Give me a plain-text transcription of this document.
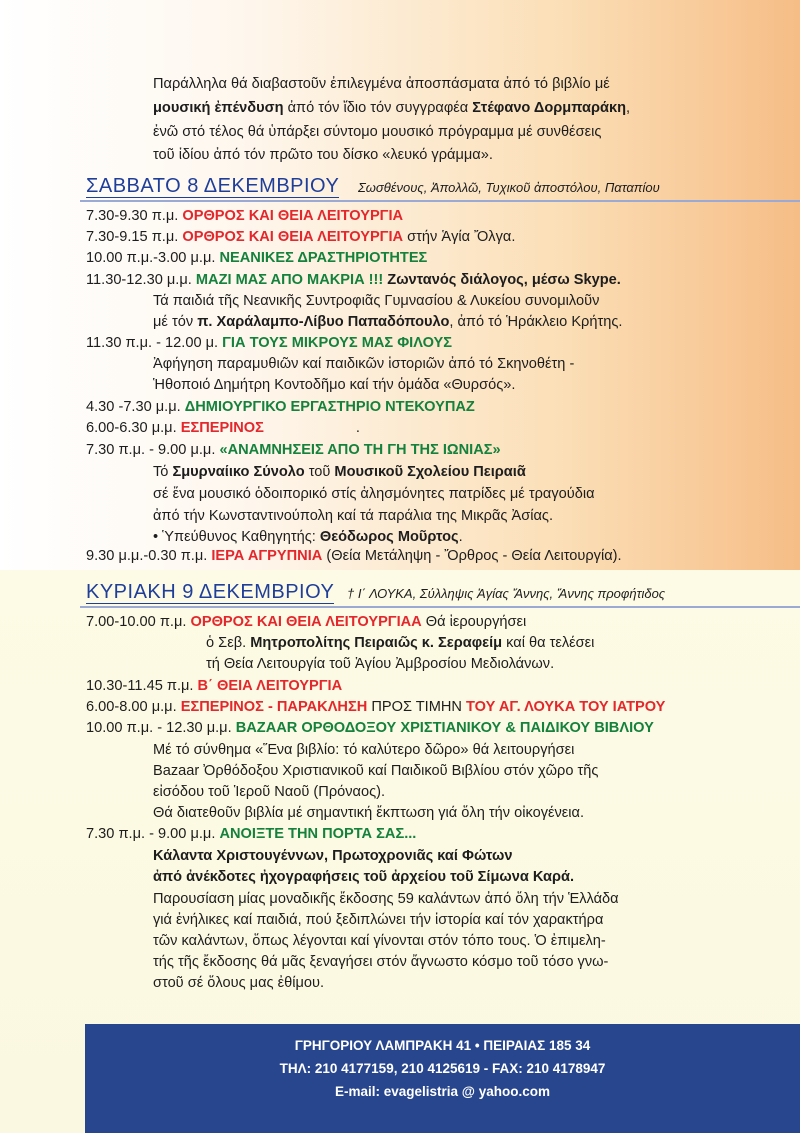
Παράλληλα θά διαβαστοῦν ἐπιλεγμένα ἀποσπάσματα ἀπό τό βιβλίο μέ
μουσική ἐπένδυση ἀπό τόν ἴδιο τόν συγγραφέα Στέφανο Δορμπαράκη,
ἐνῶ στό τέλος θά ὑπάρξει σύντομο μουσικό πρόγραμμα μέ συνθέσεις
τοῦ ἰδίου ἀπό τόν πρῶτο του δίσκο «λευκό γράμμα».
ΣΑΒΒΑΤΟ 8 ΔΕΚΕΜΒΡΙΟΥ Σωσθένους, Ἀπολλῶ, Τυχικοῦ ἀποστόλου, Παταπίου
7.30-9.30 π.μ. ΟΡΘΡΟΣ ΚΑΙ ΘΕΙΑ ΛΕΙΤΟΥΡΓΙΑ
7.30-9.15 π.μ. ΟΡΘΡΟΣ ΚΑΙ ΘΕΙΑ ΛΕΙΤΟΥΡΓΙΑ στήν Ἁγία Ὄλγα.
10.00 π.μ.-3.00 μ.μ. ΝΕΑΝΙΚΕΣ ΔΡΑΣΤΗΡΙΟΤΗΤΕΣ
11.30-12.30 μ.μ. ΜΑΖΙ ΜΑΣ ΑΠΟ ΜΑΚΡΙΑ !!! Ζωντανός διάλογος, μέσω Skype.
Τά παιδιά τῆς Νεανικῆς Συντροφιᾶς Γυμνασίου & Λυκείου συνομιλοῦν
μέ τόν π. Χαράλαμπο-Λίβυο Παπαδόπουλο, ἀπό τό Ἡράκλειο Κρήτης.
11.30 π.μ. - 12.00 μ. ΓΙΑ ΤΟΥΣ ΜΙΚΡΟΥΣ ΜΑΣ ΦΙΛΟΥΣ
Ἀφήγηση παραμυθιῶν καί παιδικῶν ἱστοριῶν ἀπό τό Σκηνοθέτη -
Ἡθοποιό Δημήτρη Κοντοδῆμο καί τήν ὁμάδα «Θυρσός».
4.30 -7.30 μ.μ. ΔΗΜΙΟΥΡΓΙΚΟ ΕΡΓΑΣΤΗΡΙΟ ΝΤΕΚΟΥΠΑΖ
6.00-6.30 μ.μ. ΕΣΠΕΡΙΝΟΣ	.
7.30 π.μ. - 9.00 μ.μ. «ΑΝΑΜΝΗΣΕΙΣ ΑΠΟ ΤΗ ΓΗ ΤΗΣ ΙΩΝΙΑΣ»
Τό Σμυρναίικο Σύνολο τοῦ Μουσικοῦ Σχολείου Πειραιᾶ
σέ ἕνα μουσικό ὁδοιπορικό στίς ἀλησμόνητες πατρίδες μέ τραγούδια
ἀπό τήν Κωνσταντινούπολη καί τά παράλια της Μικρᾶς Ἀσίας.
• Ὑπεύθυνος Καθηγητής: Θεόδωρος Μοῦρτος.
9.30 μ.μ.-0.30 π.μ. ΙΕΡΑ ΑΓΡΥΠΝΙΑ (Θεία Μετάληψη - Ὄρθρος - Θεία Λειτουργία).
ΚΥΡΙΑΚΗ 9 ΔΕΚΕΜΒΡΙΟΥ † Ι΄ ΛΟΥΚΑ, Σύλληψις Ἁγίας Ἄννης, Ἄννης προφήτιδος
7.00-10.00 π.μ. ΟΡΘΡΟΣ ΚΑΙ ΘΕΙΑ ΛΕΙΤΟΥΡΓΙΑΑ Θά ἱερουργήσει
ὁ Σεβ. Μητροπολίτης Πειραιῶς κ. Σεραφείμ καί θα τελέσει
τή Θεία Λειτουργία τοῦ Ἁγίου Ἀμβροσίου Μεδιολάνων.
10.30-11.45 π.μ. Β΄ ΘΕΙΑ ΛΕΙΤΟΥΡΓΙΑ
6.00-8.00 μ.μ. ΕΣΠΕΡΙΝΟΣ - ΠΑΡΑΚΛΗΣΗ ΠΡΟΣ ΤΙΜΗΝ ΤΟΥ ΑΓ. ΛΟΥΚΑ ΤΟΥ ΙΑΤΡΟΥ
10.00 π.μ. - 12.30 μ.μ. BAZAAR ΟΡΘΟΔΟΞΟΥ ΧΡΙΣΤΙΑΝΙΚΟΥ & ΠΑΙΔΙΚΟΥ ΒΙΒΛΙΟΥ
Μέ τό σύνθημα «Ἕνα βιβλίο: τό καλύτερο δῶρο» θά λειτουργήσει
Bazaar Ὀρθόδοξου Χριστιανικοῦ καί Παιδικοῦ Βιβλίου στόν χῶρο τῆς
εἰσόδου τοῦ Ἱεροῦ Ναοῦ (Πρόναος).
Θά διατεθοῦν βιβλία μέ σημαντική ἔκπτωση γιά ὅλη τήν οἰκογένεια.
7.30 π.μ. - 9.00 μ.μ. ΑΝΟΙΞΤΕ ΤΗΝ ΠΟΡΤΑ ΣΑΣ...
Κάλαντα Χριστουγέννων, Πρωτοχρονιᾶς καί Φώτων
ἀπό ἀνέκδοτες ἠχογραφήσεις τοῦ ἀρχείου τοῦ Σίμωνα Καρά.
Παρουσίαση μίας μοναδικῆς ἔκδοσης 59 καλάντων ἀπό ὅλη τήν Ἑλλάδα
γιά ἐνήλικες καί παιδιά, πού ξεδιπλώνει τήν ἱστορία καί τόν χαρακτήρα
τῶν καλάντων, ὅπως λέγονται καί γίνονται στόν τόπο τους. Ὁ ἐπιμελη-
τής τῆς ἔκδοσης θά μᾶς ξεναγήσει στόν ἄγνωστο κόσμο τοῦ τόσο γνω-
στοῦ σέ ὅλους μας ἐθίμου.
ΓΡΗΓΟΡΙΟΥ ΛΑΜΠΡΑΚΗ 41 • ΠΕΙΡΑΙΑΣ 185 34
ΤΗΛ: 210 4177159, 210 4125619 - FAX: 210 4178947
E-mail: evagelistria @ yahoo.com
